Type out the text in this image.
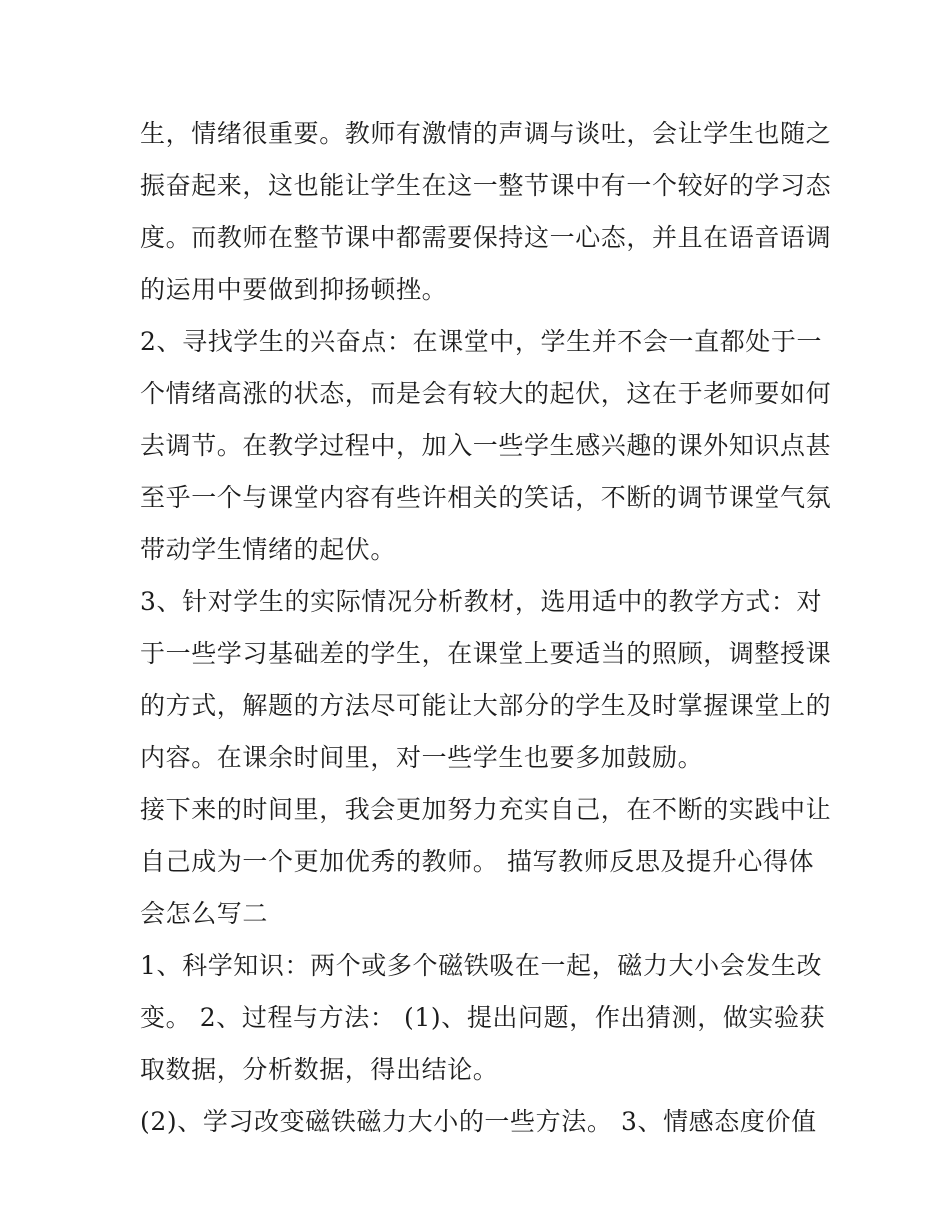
生，情绪很重要。教师有激情的声调与谈吐，会让学生也随之
振奋起来，这也能让学生在这一整节课中有一个较好的学习态
度。而教师在整节课中都需要保持这一心态，并且在语音语调
的运用中要做到抑扬顿挫。
2、寻找学生的兴奋点：在课堂中，学生并不会一直都处于一
个情绪高涨的状态，而是会有较大的起伏，这在于老师要如何
去调节。在教学过程中，加入一些学生感兴趣的课外知识点甚
至乎一个与课堂内容有些许相关的笑话，不断的调节课堂气氛
带动学生情绪的起伏。
3、针对学生的实际情况分析教材，选用适中的教学方式：对
于一些学习基础差的学生，在课堂上要适当的照顾，调整授课
的方式，解题的方法尽可能让大部分的学生及时掌握课堂上的
内容。在课余时间里，对一些学生也要多加鼓励。
接下来的时间里，我会更加努力充实自己，在不断的实践中让
自己成为一个更加优秀的教师。 描写教师反思及提升心得体
会怎么写二
1、科学知识：两个或多个磁铁吸在一起，磁力大小会发生改
变。 2、过程与方法： (1)、提出问题，作出猜测，做实验获
取数据，分析数据，得出结论。
(2)、学习改变磁铁磁力大小的一些方法。 3、情感态度价值
